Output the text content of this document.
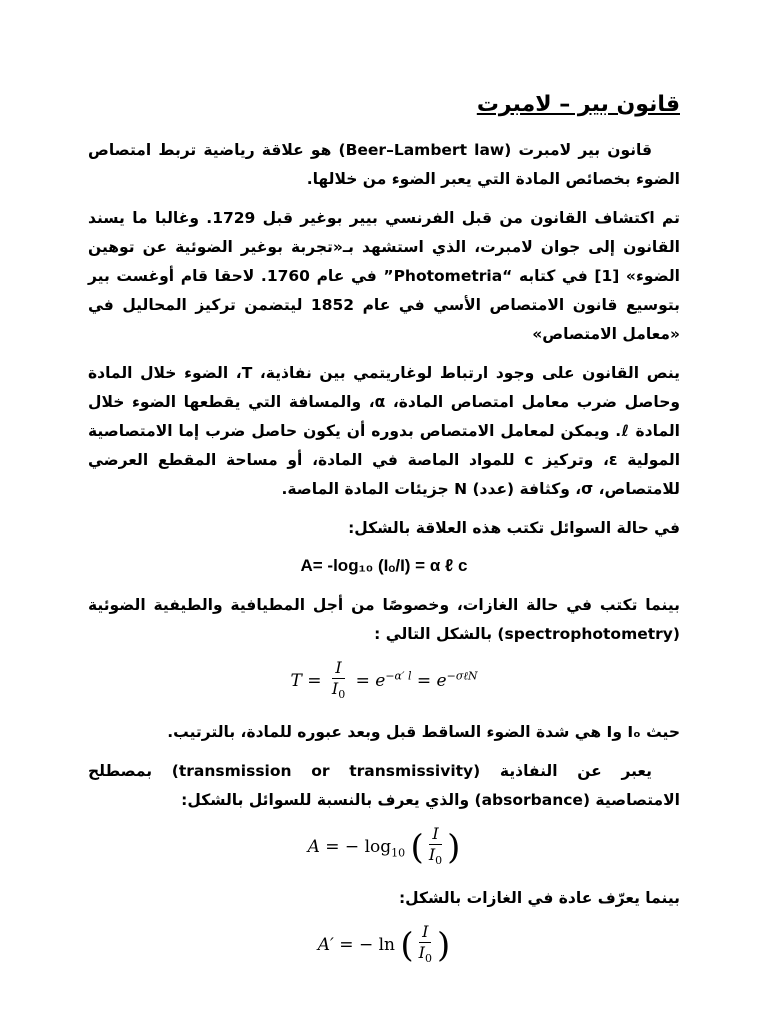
قانون بير – لامبرت

قانون بير لامبرت (Beer–Lambert law) هو علاقة رياضية تربط امتصاص الضوء بخصائص المادة التي يعبر الضوء من خلالها.

تم اكتشاف القانون من قبل الفرنسي بيير بوغير قبل 1729. وغالبا ما يسند القانون إلى جوان لامبرت، الذي استشهد بـ«تجربة بوغير الضوئية عن توهين الضوء» [1] في كتابه “Photometria” في عام 1760. لاحقا قام أوغست بير بتوسيع قانون الامتصاص الأسي في عام 1852 ليتضمن تركيز المحاليل في «معامل الامتصاص»

ينص القانون على وجود ارتباط لوغاريتمي بين نفاذية، T، الضوء خلال المادة وحاصل ضرب معامل امتصاص المادة، α، والمسافة التي يقطعها الضوء خلال المادة ℓ. ويمكن لمعامل الامتصاص بدوره أن يكون حاصل ضرب إما الامتصاصية المولية ε، وتركيز c للمواد الماصة في المادة، أو مساحة المقطع العرضي للامتصاص، σ، وكثافة (عدد) N جزيئات المادة الماصة.

في حالة السوائل تكتب هذه العلاقة بالشكل:

A= -log₁₀ (Iₒ/I) = α ℓ c

بينما تكتب في حالة الغازات، وخصوصًا من أجل المطيافية والطيفية الضوئية (spectrophotometry) بالشكل التالي :

$T = \frac{I}{I_0} = e^{-\alpha' l} = e^{-\sigma\ell N}$

حيث Iₒ وI هي شدة الضوء الساقط قبل وبعد عبوره للمادة، بالترتيب.

يعبر عن النفاذية (transmission or transmissivity) بمصطلح الامتصاصية (absorbance) والذي يعرف بالنسبة للسوائل بالشكل:

A = − $\log_{10}$ ( $\frac{I}{I_0}$ )

بينما يعرّف عادة في الغازات بالشكل:

A′ = − ln ( $\frac{I}{I_0}$ )
